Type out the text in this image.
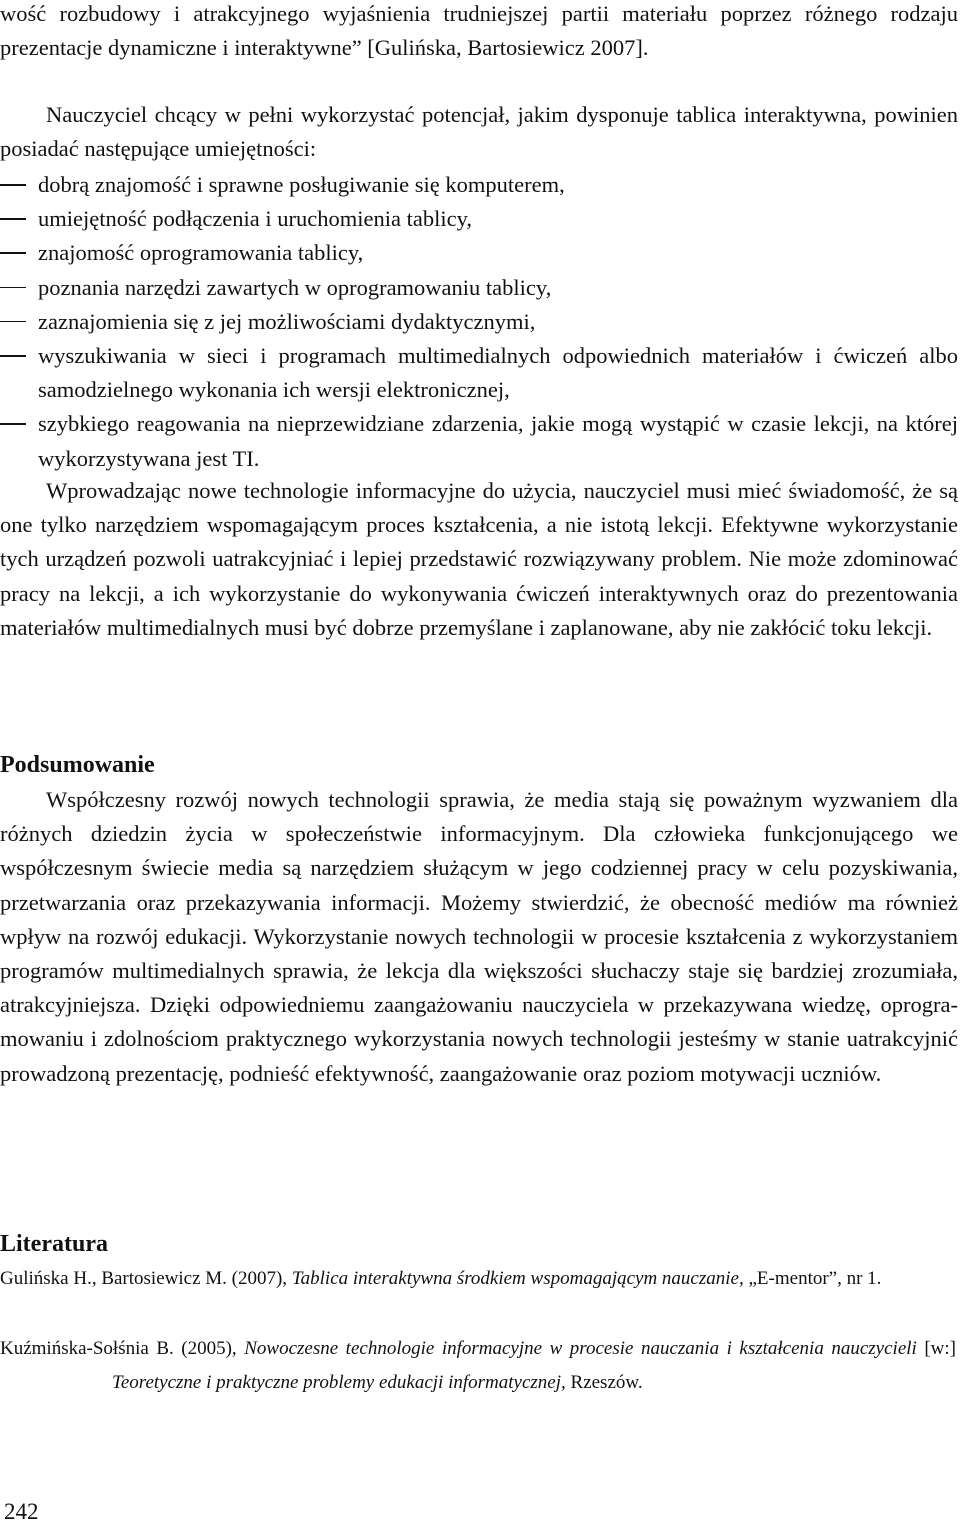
wość rozbudowy i atrakcyjnego wyjaśnienia trudniejszej partii materiału poprzez różnego rodzaju prezentacje dynamiczne i interaktywne” [Gulińska, Bartosiewicz 2007].

Nauczyciel chcący w pełni wykorzystać potencjał, jakim dysponuje tablica interaktywna, powinien posiadać następujące umiejętności:

dobrą znajomość i sprawne posługiwanie się komputerem,
umiejętność podłączenia i uruchomienia tablicy,
znajomość oprogramowania tablicy,
poznania narzędzi zawartych w oprogramowaniu tablicy,
zaznajomienia się z jej możliwościami dydaktycznymi,
wyszukiwania w sieci i programach multimedialnych odpowiednich materiałów i ćwiczeń albo samodzielnego wykonania ich wersji elektronicznej,
szybkiego reagowania na nieprzewidziane zdarzenia, jakie mogą wystąpić w czasie lekcji, na której wykorzystywana jest TI.

Wprowadzając nowe technologie informacyjne do użycia, nauczyciel musi mieć świadomość, że są one tylko narzędziem wspomagającym proces kształcenia, a nie istotą lekcji. Efektywne wykorzystanie tych urządzeń pozwoli uatrakcyjniać i lepiej przedstawić rozwiązywany problem. Nie może zdominować pracy na lekcji, a ich wykorzystanie do wykonywania ćwiczeń interaktywnych oraz do prezentowania materiałów multimedialnych musi być dobrze przemyślane i zaplanowane, aby nie zakłócić toku lekcji.

Podsumowanie

Współczesny rozwój nowych technologii sprawia, że media stają się poważnym wyzwaniem dla różnych dziedzin życia w społeczeństwie informacyjnym. Dla człowieka funkcjonującego we współczesnym świecie media są narzędziem służącym w jego codziennej pracy w celu pozyskiwania, przetwarzania oraz przekazywania informacji. Możemy stwierdzić, że obecność mediów ma również wpływ na rozwój edukacji. Wykorzystanie nowych technologii w procesie kształcenia z wykorzystaniem programów multimedialnych sprawia, że lekcja dla większości słuchaczy staje się bardziej zrozumiała, atrakcyjniejsza. Dzięki odpowiedniemu zaangażowaniu nauczyciela w przekazywana wiedzę, oprogramowaniu i zdolnościom praktycznego wykorzystania nowych technologii jesteśmy w stanie uatrakcyjnić prowadzoną prezentację, podnieść efektywność, zaangażowanie oraz poziom motywacji uczniów.

Literatura

Gulińska H., Bartosiewicz M. (2007), Tablica interaktywna środkiem wspomagającym nauczanie, „E-mentor”, nr 1.

Kuźmińska-Sołśnia B. (2005), Nowoczesne technologie informacyjne w procesie nauczania i kształcenia nauczycieli [w:] Teoretyczne i praktyczne problemy edukacji informatycznej, Rzeszów.

242
